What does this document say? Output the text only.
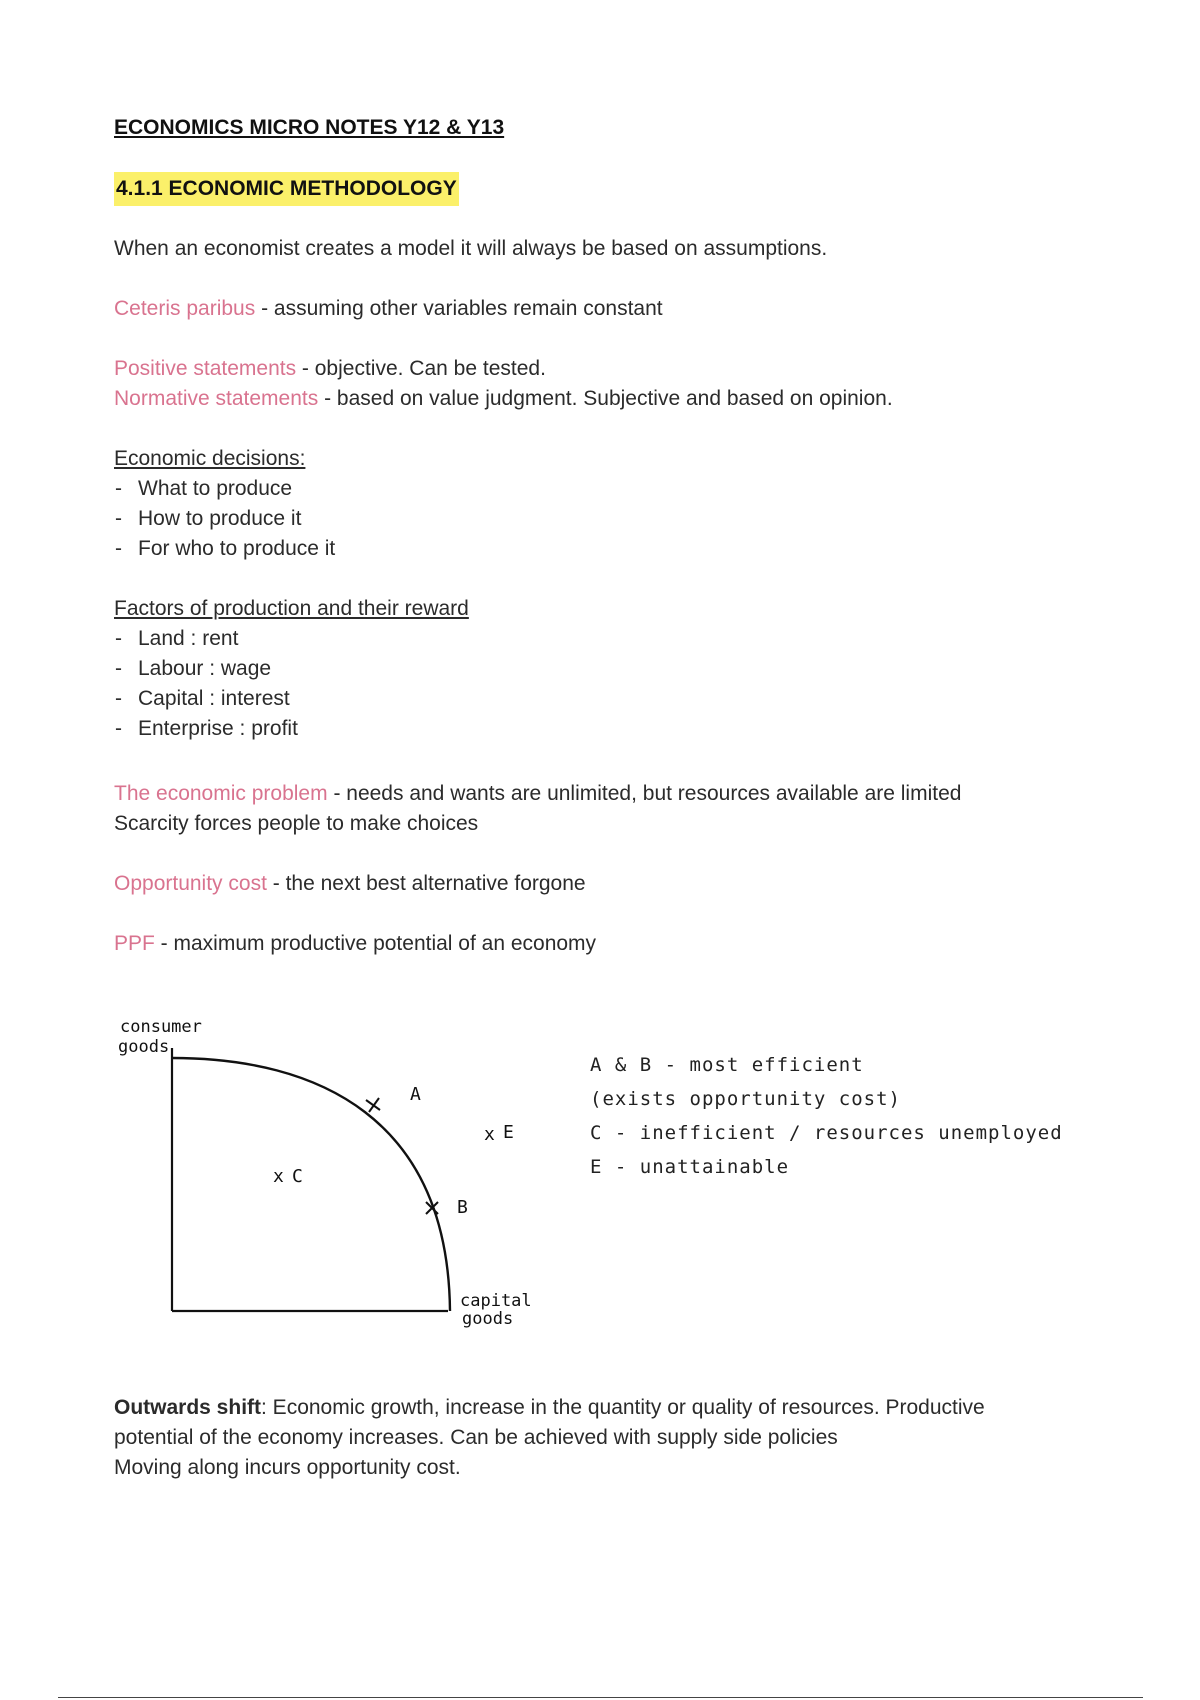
ECONOMICS MICRO NOTES Y12 & Y13
4.1.1 ECONOMIC METHODOLOGY
When an economist creates a model it will always be based on assumptions.
Ceteris paribus - assuming other variables remain constant
Positive statements - objective. Can be tested.
Normative statements - based on value judgment. Subjective and based on opinion.
Economic decisions:
- What to produce
- How to produce it
- For who to produce it
Factors of production and their reward
- Land : rent
- Labour : wage
- Capital : interest
- Enterprise : profit
The economic problem - needs and wants are unlimited, but resources available are limited
Scarcity forces people to make choices
Opportunity cost - the next best alternative forgone
PPF - maximum productive potential of an economy
consumer
goods
capital
goods
A
B
x C
x E
A & B - most efficient
(exists opportunity cost)
C - inefficient / resources unemployed
E - unattainable
Outwards shift: Economic growth, increase in the quantity or quality of resources. Productive potential of the economy increases. Can be achieved with supply side policies
Moving along incurs opportunity cost.
